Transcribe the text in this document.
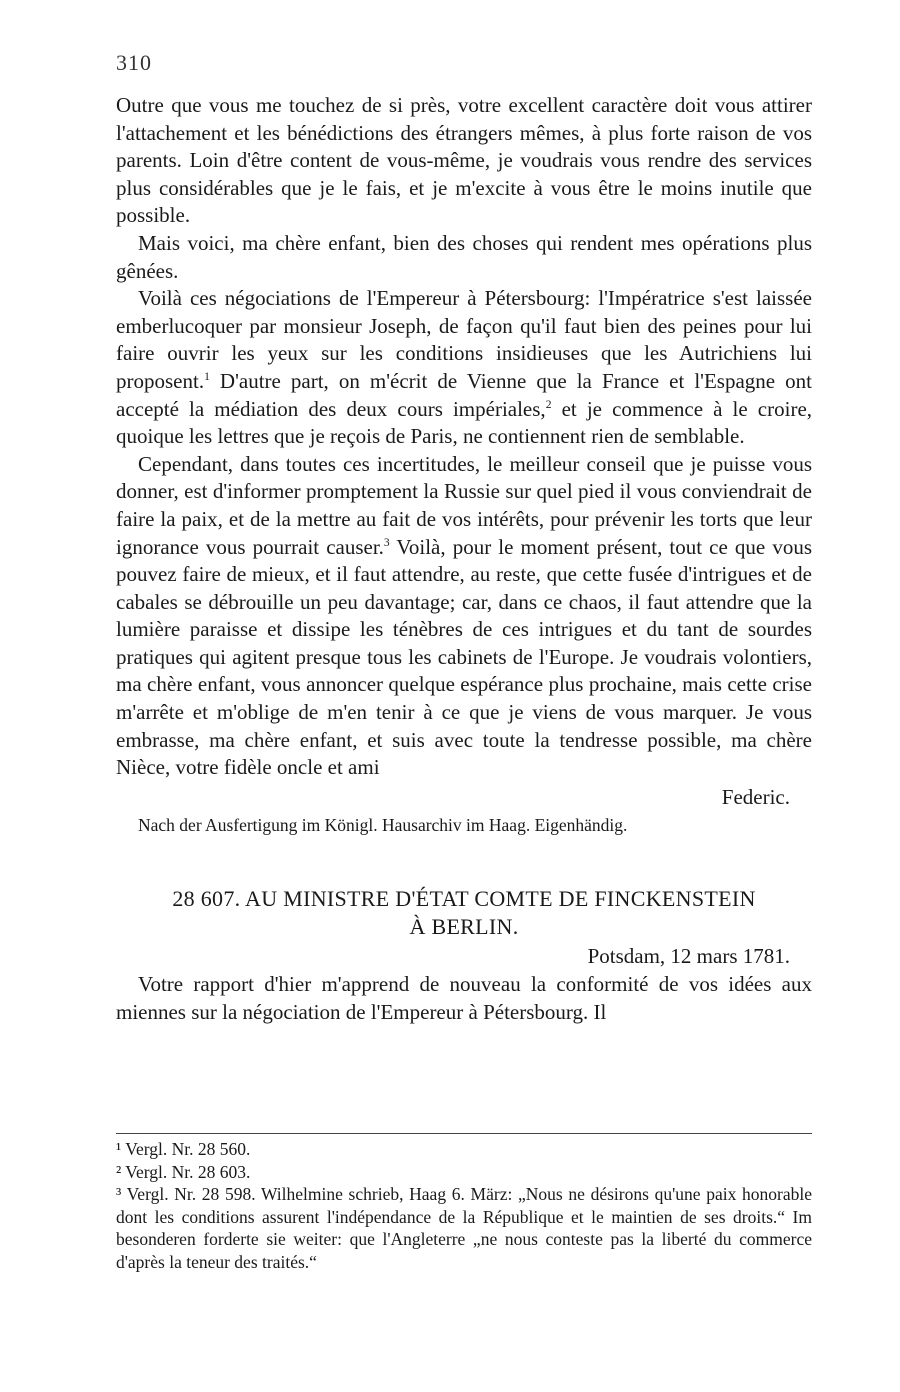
310

Outre que vous me touchez de si près, votre excellent caractère doit vous attirer l'attachement et les bénédictions des étrangers mêmes, à plus forte raison de vos parents. Loin d'être content de vous-même, je voudrais vous rendre des services plus considérables que je le fais, et je m'excite à vous être le moins inutile que possible.

Mais voici, ma chère enfant, bien des choses qui rendent mes opérations plus gênées.

Voilà ces négociations de l'Empereur à Pétersbourg: l'Impératrice s'est laissée emberlucoquer par monsieur Joseph, de façon qu'il faut bien des peines pour lui faire ouvrir les yeux sur les conditions insidieuses que les Autrichiens lui proposent.$^1$ D'autre part, on m'écrit de Vienne que la France et l'Espagne ont accepté la médiation des deux cours impériales,$^2$ et je commence à le croire, quoique les lettres que je reçois de Paris, ne contiennent rien de semblable.

Cependant, dans toutes ces incertitudes, le meilleur conseil que je puisse vous donner, est d'informer promptement la Russie sur quel pied il vous conviendrait de faire la paix, et de la mettre au fait de vos intérêts, pour prévenir les torts que leur ignorance vous pourrait causer.$^3$ Voilà, pour le moment présent, tout ce que vous pouvez faire de mieux, et il faut attendre, au reste, que cette fusée d'intrigues et de cabales se débrouille un peu davantage; car, dans ce chaos, il faut attendre que la lumière paraisse et dissipe les ténèbres de ces intrigues et du tant de sourdes pratiques qui agitent presque tous les cabinets de l'Europe. Je voudrais volontiers, ma chère enfant, vous annoncer quelque espérance plus prochaine, mais cette crise m'arrête et m'oblige de m'en tenir à ce que je viens de vous marquer. Je vous embrasse, ma chère enfant, et suis avec toute la tendresse possible, ma chère Nièce, votre fidèle oncle et ami

Federic.
Nach der Ausfertigung im Königl. Hausarchiv im Haag. Eigenhändig.
28 607. AU MINISTRE D'ÉTAT COMTE DE FINCKENSTEIN
À BERLIN.
Potsdam, 12 mars 1781.

Votre rapport d'hier m'apprend de nouveau la conformité de vos idées aux miennes sur la négociation de l'Empereur à Pétersbourg. Il

¹ Vergl. Nr. 28 560.

² Vergl. Nr. 28 603.

³ Vergl. Nr. 28 598. Wilhelmine schrieb, Haag 6. März: „Nous ne désirons qu'une paix honorable dont les conditions assurent l'indépendance de la République et le maintien de ses droits.“ Im besonderen forderte sie weiter: que l'Angleterre „ne nous conteste pas la liberté du commerce d'après la teneur des traités.“
